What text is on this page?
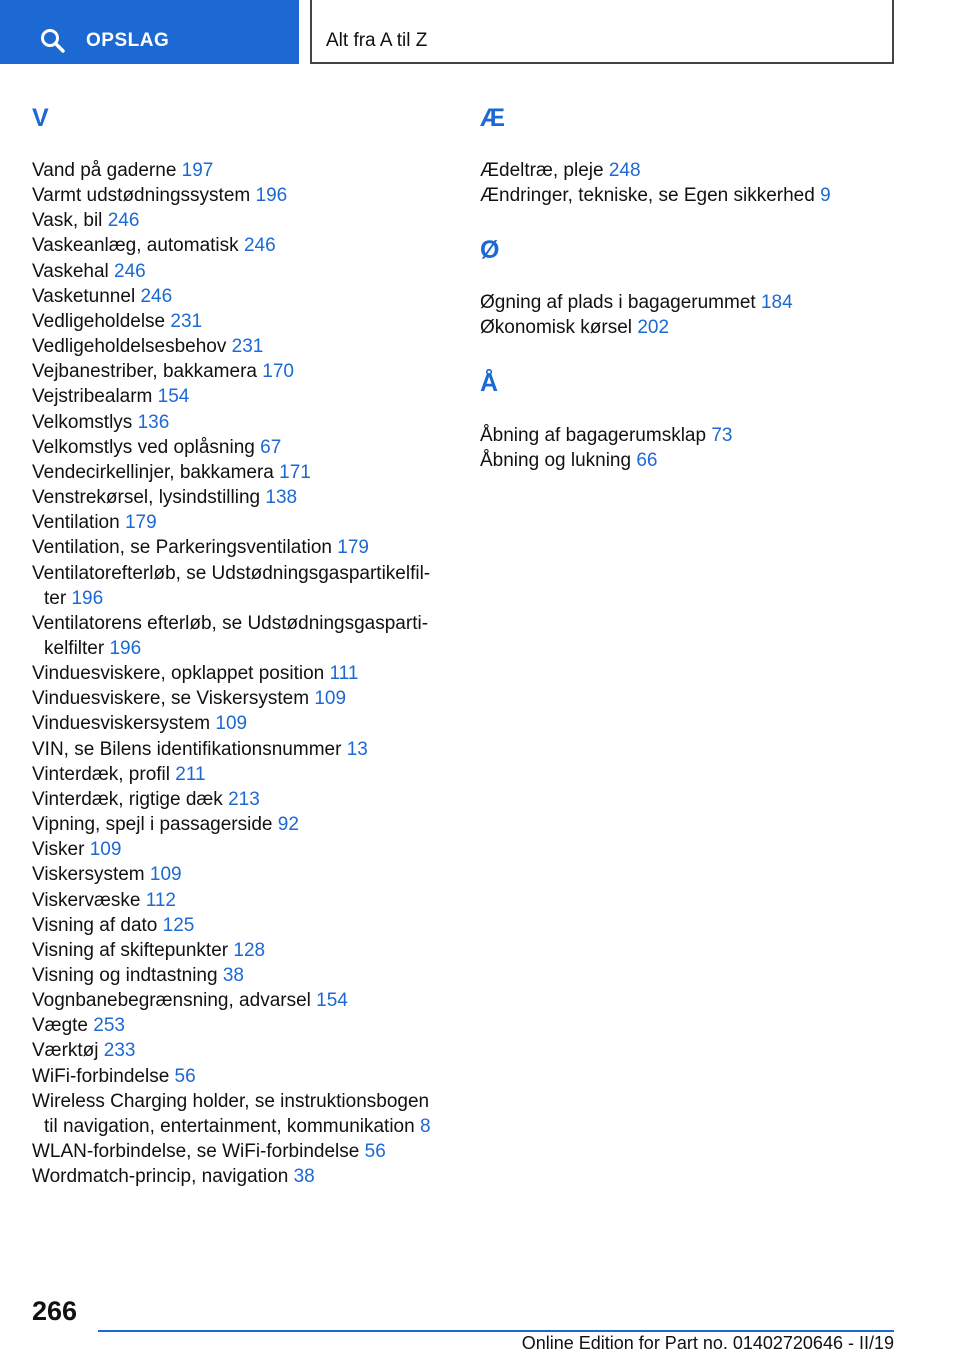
OPSLAG	Alt fra A til Z
V
Vand på gaderne 197
Varmt udstødningssystem 196
Vask, bil 246
Vaskeanlæg, automatisk 246
Vaskehal 246
Vasketunnel 246
Vedligeholdelse 231
Vedligeholdelsesbehov 231
Vejbanestriber, bakkamera 170
Vejstribealarm 154
Velkomstlys 136
Velkomstlys ved oplåsning 67
Vendecirkellinjer, bakkamera 171
Venstrekørsel, lysindstilling 138
Ventilation 179
Ventilation, se Parkeringsventilation 179
Ventilatorefterløb, se Udstødningsgaspartikelfil-ter 196
Ventilatorens efterløb, se Udstødningsgasparti-kelfilter 196
Vinduesviskere, opklappet position 111
Vinduesviskere, se Viskersystem 109
Vinduesviskersystem 109
VIN, se Bilens identifikationsnummer 13
Vinterdæk, profil 211
Vinterdæk, rigtige dæk 213
Vipning, spejl i passagerside 92
Visker 109
Viskersystem 109
Viskervæske 112
Visning af dato 125
Visning af skiftepunkter 128
Visning og indtastning 38
Vognbanebegrænsning, advarsel 154
Vægte 253
Værktøj 233
WiFi-forbindelse 56
Wireless Charging holder, se instruktionsbogen til navigation, entertainment, kommunikation 8
WLAN-forbindelse, se WiFi-forbindelse 56
Wordmatch-princip, navigation 38
Æ
Ædeltræ, pleje 248
Ændringer, tekniske, se Egen sikkerhed 9
Ø
Øgning af plads i bagagerummet 184
Økonomisk kørsel 202
Å
Åbning af bagagerumsklap 73
Åbning og lukning 66
266
Online Edition for Part no. 01402720646 - II/19
